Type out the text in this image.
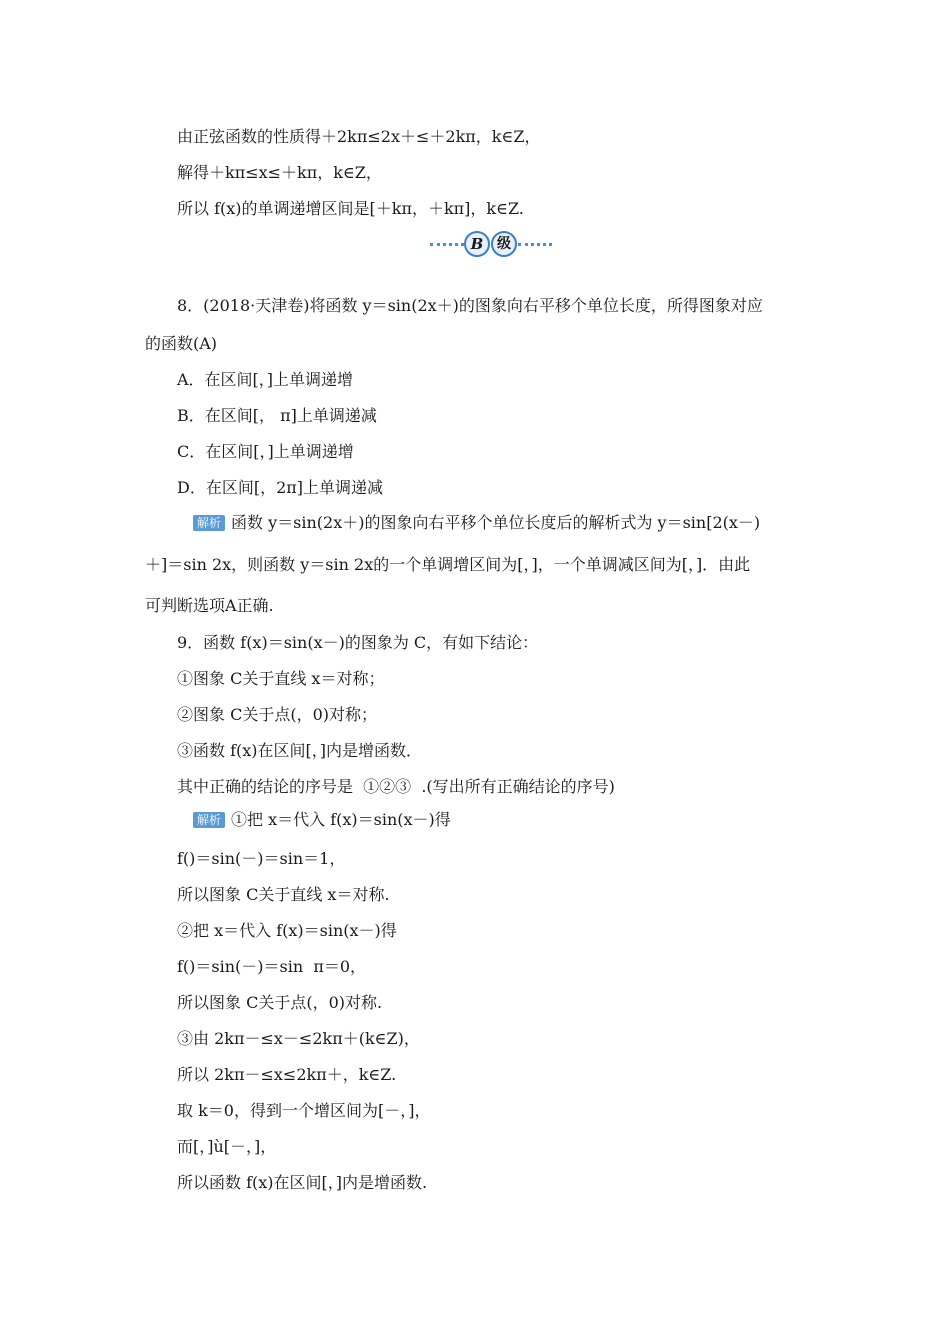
由正弦函数的性质得＋2kπ≤2x＋≤＋2kπ，k∈Z，
解得＋kπ≤x≤＋kπ，k∈Z，
所以 f(x)的单调递增区间是[＋kπ，＋kπ]，k∈Z.
B 级
8．(2018·天津卷)将函数 y＝sin(2x＋)的图象向右平移个单位长度，所得图象对应
的函数(A)
A．在区间[，]上单调递增
B．在区间[， π]上单调递减
C．在区间[，]上单调递增
D．在区间[，2π]上单调递减
解析 函数 y＝sin(2x＋)的图象向右平移个单位长度后的解析式为 y＝sin[2(x－)
＋]＝sin 2x，则函数 y＝sin 2x的一个单调增区间为[，]，一个单调减区间为[，]．由此
可判断选项A正确.
9．函数 f(x)＝sin(x－)的图象为 C，有如下结论：
①图象 C关于直线 x＝对称；
②图象 C关于点(，0)对称；
③函数 f(x)在区间[，]内是增函数．
其中正确的结论的序号是  ①②③  .(写出所有正确结论的序号)
解析 ①把 x＝代入 f(x)＝sin(x－)得
f()＝sin(－)＝sin＝1，
所以图象 C关于直线 x＝对称.
②把 x＝代入 f(x)＝sin(x－)得
f()＝sin(－)＝sin  π＝0，
所以图象 C关于点(，0)对称.
③由 2kπ－≤x－≤2kπ＋(k∈Z)，
所以 2kπ－≤x≤2kπ＋，k∈Z.
取 k＝0，得到一个增区间为[－，]，
而[，]ù[－，]，
所以函数 f(x)在区间[，]内是增函数.
